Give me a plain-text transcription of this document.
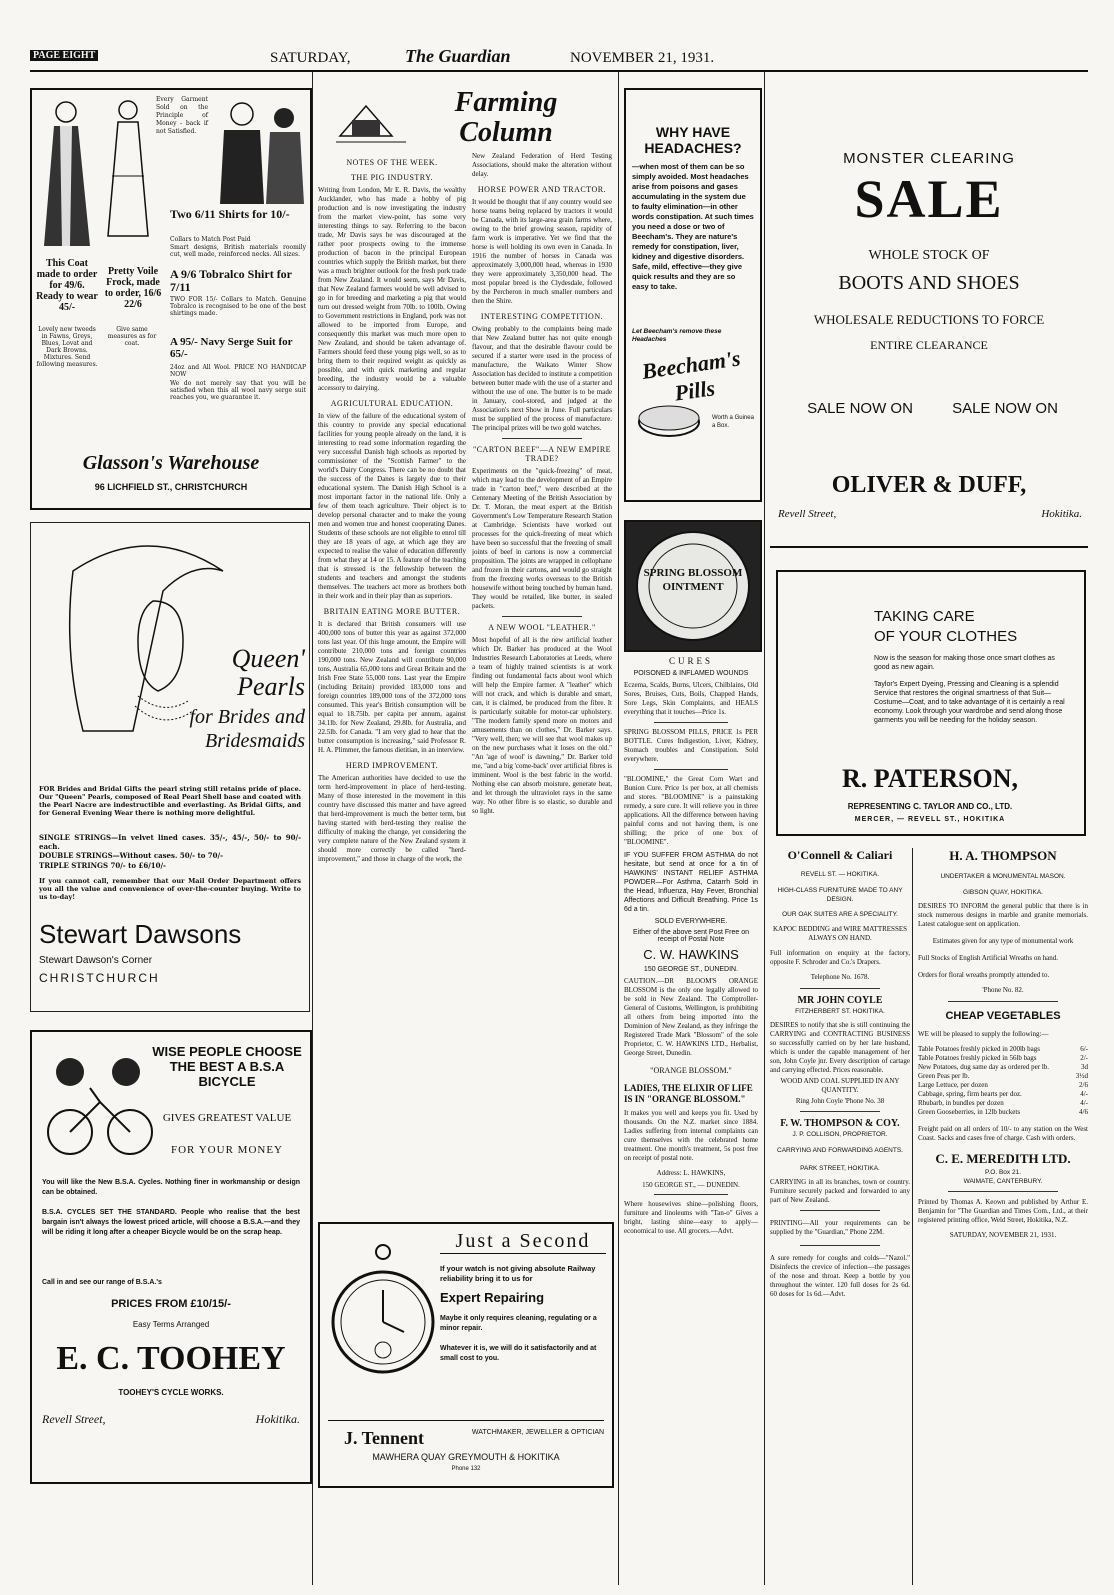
PAGE EIGHT	SATURDAY,	The Guardian	NOVEMBER 21, 1931.
Every Garment Sold on the Principle of Money - back if not Satisfied.
Two 6/11 Shirts for 10/-
Collars to Match Post Paid
Smart designs, British materials roomily cut, well made, reinforced necks. All sizes.
A 9/6 Tobralco Shirt for 7/11
TWO FOR 15/- Collars to Match. Genuine Tobralco is recognised to be one of the best shirtings made.
This Coat made to order for 49/6. Ready to wear 45/-
Lovely new tweeds in Fawns, Greys, Blues, Lovat and Dark Browns. Mixtures. Send following measures.
Pretty Voile Frock, made to order, 16/6 22/6
Give same measures as for coat.	A 95/- Navy Serge Suit for 65/-
24oz and All Wool. PRICE NO HANDICAP NOW
We do not merely say that you will be satisfied when this all wool navy serge suit reaches you, we guarantee it.
Glasson's Warehouse
96 LICHFIELD ST., CHRISTCHURCH
Queen' Pearls
for Brides and Bridesmaids
FOR Brides and Bridal Gifts the pearl string still retains pride of place. Our "Queen" Pearls, composed of Real Pearl Shell base and coated with the Pearl Nacre are indestructible and everlasting. As Bridal Gifts, and for General Evening Wear there is nothing more delightful.
SINGLE STRINGS—In velvet lined cases. 35/-, 45/-, 50/- to 90/- each.
DOUBLE STRINGS—Without cases. 50/- to 70/-
TRIPLE STRINGS 70/- to £6/10/-
If you cannot call, remember that our Mail Order Department offers you all the value and convenience of over-the-counter buying. Write to us to-day!
Stewart Dawsons
Stewart Dawson's Corner
CHRISTCHURCH
WISE PEOPLE CHOOSE THE BEST A B.S.A BICYCLE
GIVES GREATEST VALUE
FOR YOUR MONEY
You will like the New B.S.A. Cycles. Nothing finer in workmanship or design can be obtained.
B.S.A. CYCLES SET THE STANDARD. People who realise that the best bargain isn't always the lowest priced article, will choose a B.S.A.—and they will be riding it long after a cheaper Bicycle would be on the scrap heap.
Call in and see our range of B.S.A.'s
PRICES FROM £10/15/-
Easy Terms Arranged
E. C. TOOHEY
TOOHEY'S CYCLE WORKS.
Revell Street,	Hokitika.
Farming Column
NOTES OF THE WEEK.
THE PIG INDUSTRY.

Writing from London, Mr E. R. Davis, the wealthy Aucklander, who has made a hobby of pig production and is now investigating the industry from the market view-point, has some very interesting things to say. Referring to the bacon trade, Mr Davis says he was discouraged at the rather poor prospects owing to the immense production of bacon in the principal European countries which supply the British market, but there was a much brighter outlook for the fresh pork trade from New Zealand. It would seem, says Mr Davis, that New Zealand farmers would be well advised to go in for breeding and marketing a pig that would turn out dressed weight from 70lb. to 100lb. Owing to Government restrictions in England, pork was not allowed to be imported from Europe, and consequently this market was much more open to New Zealand, and should be taken advantage of. Farmers should feed these young pigs well, so as to bring them to their required weight as quickly as possible, and with quick marketing and regular breeding, the industry would be a valuable accessory to dairying.

AGRICULTURAL EDUCATION.

In view of the failure of the educational system of this country to provide any special educational facilities for young people already on the land, it is interesting to read some information regarding the very successful Danish high schools as reported by commissioner of the "Scottish Farmer" to the world's Dairy Congress. There can be no doubt that the success of the Danes is largely due to their educational system. The Danish High School is a most important factor in the national life. Only a few of them teach agriculture. Their object is to develop personal character and to make the young men and women true and honest cooperating Danes. Students of these schools are not eligible to enrol till they are 18 years of age, at which age they are expected to realise the value of education differently from what they at 14 or 15. A feature of the teaching that is stressed is the fellowship between the students and teachers and amongst the students themselves. The teachers act more as brothers both in their work and in their play than as superiors.

BRITAIN EATING MORE BUTTER.

It is declared that British consumers will use 400,000 tons of butter this year as against 372,000 tons last year. Of this huge amount, the Empire will contribute 210,000 tons and foreign countries 190,000 tons. New Zealand will contribute 90,000 tons, Australia 65,000 tons and Great Britain and the Irish Free State 55,000 tons. Last year the Empire (including Britain) provided 183,000 tons and foreign countries 189,000 tons of the 372,000 tons consumed. This year's British consumption will be equal to 18.75lb. per capita per annum, against 34.1lb. for New Zealand, 29.8lb. for Australia, and 22.5lb. for Canada. "I am very glad to hear that the butter consumption is increasing," said Professor R. H. A. Plimmer, the famous dietitian, in an interview.

HERD IMPROVEMENT.

The American authorities have decided to use the term herd-improvement in place of herd-testing. Many of those interested in the movement in this country have discussed this matter and have agreed that herd-improvement is much the better term, but having started with herd-testing they realise the difficulty of making the change, yet considering the very complete nature of the New Zealand system it should more correctly be called "herd-improvement," and those in charge of the work, the

New Zealand Federation of Herd Testing Associations, should make the alteration without delay.

HORSE POWER AND TRACTOR.

It would be thought that if any country would see horse teams being replaced by tractors it would be Canada, with its large-area grain farms where, owing to the brief growing season, rapidity of farm work is imperative. Yet we find that the horse is well holding its own even in Canada. In 1916 the number of horses in Canada was approximately 3,000,000 head, whereas in 1930 they were approximately 3,350,000 head. The most popular breed is the Clydesdale, followed by the Percheron in much smaller numbers and then the Shire.

INTERESTING COMPETITION.

Owing probably to the complaints being made that New Zealand butter has not quite enough flavour, and that the desirable flavour could be secured if a starter were used in the process of manufacture, the Waikato Winter Show Association has decided to institute a competition between butter made with the use of a starter and without the use of one. The butter is to be made in January, cool-stored, and judged at the Association's next Show in June. Full particulars must be supplied of the process of manufacture. The principal prizes will be two gold watches.

"CARTON BEEF"—A NEW EMPIRE TRADE?

Experiments on the "quick-freezing" of meat, which may lead to the development of an Empire trade in "carton beef," were described at the Centenary Meeting of the British Association by Dr. T. Moran, the meat expert at the British Government's Low Temperature Research Station at Cambridge. Scientists have worked out processes for the quick-freezing of meat which have been so successful that the freezing of small joints of beef in cartons is now a commercial proposition. The joints are wrapped in cellophane and frozen in their cartons, and would go straight from the freezing works overseas to the British housewife without being touched by human hand. They would be retailed, like butter, in sealed packets.

A NEW WOOL "LEATHER."

Most hopeful of all is the new artificial leather which Dr. Barker has produced at the Wool Industries Research Laboratories at Leeds, where a team of highly trained scientists is at work finding out fundamental facts about wool which will help the Empire farmer. A "leather" which will not crack, and which is durable and smart, can, it is claimed, be produced from the fibre. It is particularly suitable for motor-car upholstery. "The modern family spend more on motors and amusements than on clothes," Dr. Barker says. "Very well, then; we will see that wool makes up on the new purchases what it loses on the old." "An 'age of wool' is dawning," Dr. Barker told me, "and a big 'come-back' over artificial fibres is imminent. Wool is the best fabric in the world. Nothing else can absorb moisture, generate heat, and let through the ultraviolet rays in the same way. No other fibre is so elastic, so durable and so light.

Just a Second
If your watch is not giving absolute Railway reliability bring it to us for
Expert Repairing
Maybe it only requires cleaning, regulating or a minor repair.
Whatever it is, we will do it satisfactorily and at small cost to you.
J. Tennent	WATCHMAKER, JEWELLER & OPTICIAN
MAWHERA QUAY GREYMOUTH & HOKITIKA
Phone 132
WHY HAVE HEADACHES?
—when most of them can be so simply avoided. Most headaches arise from poisons and gases accumulating in the system due to faulty elimination—in other words constipation. At such times you need a dose or two of Beecham's. They are nature's remedy for constipation, liver, kidney and digestive disorders. Safe, mild, effective—they give quick results and they are so easy to take.
Let Beecham's remove these Headaches
Beecham's Pills
Worth a Guinea a Box.
SPRING BLOSSOM OINTMENT
CURES
POISONED & INFLAMED WOUNDS

Eczema, Scalds, Burns, Ulcers, Chilblains, Old Sores, Bruises, Cuts, Boils, Chapped Hands, Sore Legs, Skin Complaints, and HEALS everything that it touches—Price 1s.

SPRING BLOSSOM PILLS, PRICE 1s PER BOTTLE. Cures Indigestion, Liver, Kidney, Stomach troubles and Constipation. Sold everywhere.

"BLOOMINE," the Great Corn Wart and Bunion Cure. Price 1s per box, at all chemists and stores. "BLOOMINE" is a painstaking remedy, a sure cure. It will relieve you in three applications. All the difference between having painful corns and not having them, is one shilling; the price of one box of "BLOOMINE".

IF YOU SUFFER FROM ASTHMA do not hesitate, but send at once for a tin of HAWKINS' INSTANT RELIEF ASTHMA POWDER—For Asthma, Catarrh Sold in the Head, Influenza, Hay Fever, Bronchial Affections and Difficult Breathing. Price 1s 6d a tin.

SOLD EVERYWHERE.
Either of the above sent Post Free on receipt of Postal Note
C. W. HAWKINS
150 GEORGE ST., DUNEDIN.

CAUTION.—DR BLOOM'S ORANGE BLOSSOM is the only one legally allowed to be sold in New Zealand. The Comptroller-General of Customs, Wellington, is prohibiting all others from being imported into the Dominion of New Zealand, as they infringe the Registered Trade Mark "Blossom" of the sole Proprietor, C. W. HAWKINS LTD., Herbalist, George Street, Dunedin.

"ORANGE BLOSSOM."
LADIES, THE ELIXIR OF LIFE IS IN "ORANGE BLOSSOM."

It makes you well and keeps you fit. Used by thousands. On the N.Z. market since 1884. Ladies suffering from internal complaints can cure themselves with the celebrated home treatment. One month's treatment, 5s post free on receipt of postal note.

Address: L. HAWKINS,
150 GEORGE ST., — DUNEDIN.

Where housewives shine—polishing floors, furniture and linoleums with "Tan-o" Gives a bright, lasting shine—easy to apply—economical to use. All grocers.—Advt.

MONSTER CLEARING
SALE
WHOLE STOCK OF
BOOTS AND SHOES
WHOLESALE REDUCTIONS TO FORCE
ENTIRE CLEARANCE
SALE NOW ON	SALE NOW ON
OLIVER & DUFF,
Revell Street,	Hokitika.
TAKING CARE
OF YOUR CLOTHES
Now is the season for making those once smart clothes as good as new again.
Taylor's Expert Dyeing, Pressing and Cleaning is a splendid Service that restores the original smartness of that Suit—Costume—Coat, and to take advantage of it is certainly a real economy. Look through your wardrobe and send along those garments you will be needing for the holiday season.
R. PATERSON,
REPRESENTING C. TAYLOR AND CO., LTD.
MERCER, — REVELL ST., HOKITIKA
O'Connell & Caliari
REVELL ST. — HOKITIKA.
HIGH-CLASS FURNITURE MADE TO ANY DESIGN.
OUR OAK SUITES ARE A SPECIALITY.
KAPOC BEDDING and WIRE MATTRESSES ALWAYS ON HAND.
Full information on enquiry at the factory, opposite F. Schroder and Co.'s Drapers.
Telephone No. 1678.
MR JOHN COYLE
FITZHERBERT ST. HOKITIKA.
DESIRES to notify that she is still continuing the CARRYING and CONTRACTING BUSINESS so successfully carried on by her late husband, which is under the capable management of her son, John Coyle jnr. Every description of cartage and carrying effected. Prices reasonable.
WOOD AND COAL SUPPLIED IN ANY QUANTITY.
Ring John Coyle 'Phone No. 38
F. W. THOMPSON & COY.
J. P. COLLISON, PROPRIETOR.
CARRYING AND FORWARDING AGENTS.
PARK STREET, HOKITIKA.
CARRYING in all its branches, town or country. Furniture securely packed and forwarded to any part of New Zealand.
PRINTING—All your requirements can be supplied by the "Guardian," Phone 22M.
A sure remedy for coughs and colds—"Nazol." Disinfects the crevice of infection—the passages of the nose and throat. Keep a bottle by you throughout the winter. 120 full doses for 2s 6d. 60 doses for 1s 6d.—Advt.
H. A. THOMPSON
UNDERTAKER & MONUMENTAL MASON.
GIBSON QUAY, HOKITIKA.
DESIRES TO INFORM the general public that there is in stock numerous designs in marble and granite memorials. Latest catalogue sent on application.
Estimates given for any type of monumental work
Full Stocks of English Artificial Wreaths on hand.
Orders for floral wreaths promptly attended to.
'Phone No. 82.
CHEAP VEGETABLES
WE will be pleased to supply the following:—
Table Potatoes freshly picked in 200lb bags	6/-
Table Potatoes freshly picked in 56lb bags	2/-
New Potatoes, dug same day as ordered per lb.	3d
Green Peas per lb.	3½d
Large Lettuce, per dozen	2/6
Cabbage, spring, firm hearts per doz.	4/-
Rhubarb, in bundles per dozen	4/-
Green Gooseberries, in 12lb buckets	4/6
Freight paid on all orders of 10/- to any station on the West Coast. Sacks and cases free of charge. Cash with orders.
C. E. MEREDITH LTD.
P.O. Box 21.
WAIMATE, CANTERBURY.
Printed by Thomas A. Keown and published by Arthur E. Benjamin for "The Guardian and Times Com., Ltd., at their registered printing office, Weld Street, Hokitika, N.Z.
SATURDAY, NOVEMBER 21, 1931.
